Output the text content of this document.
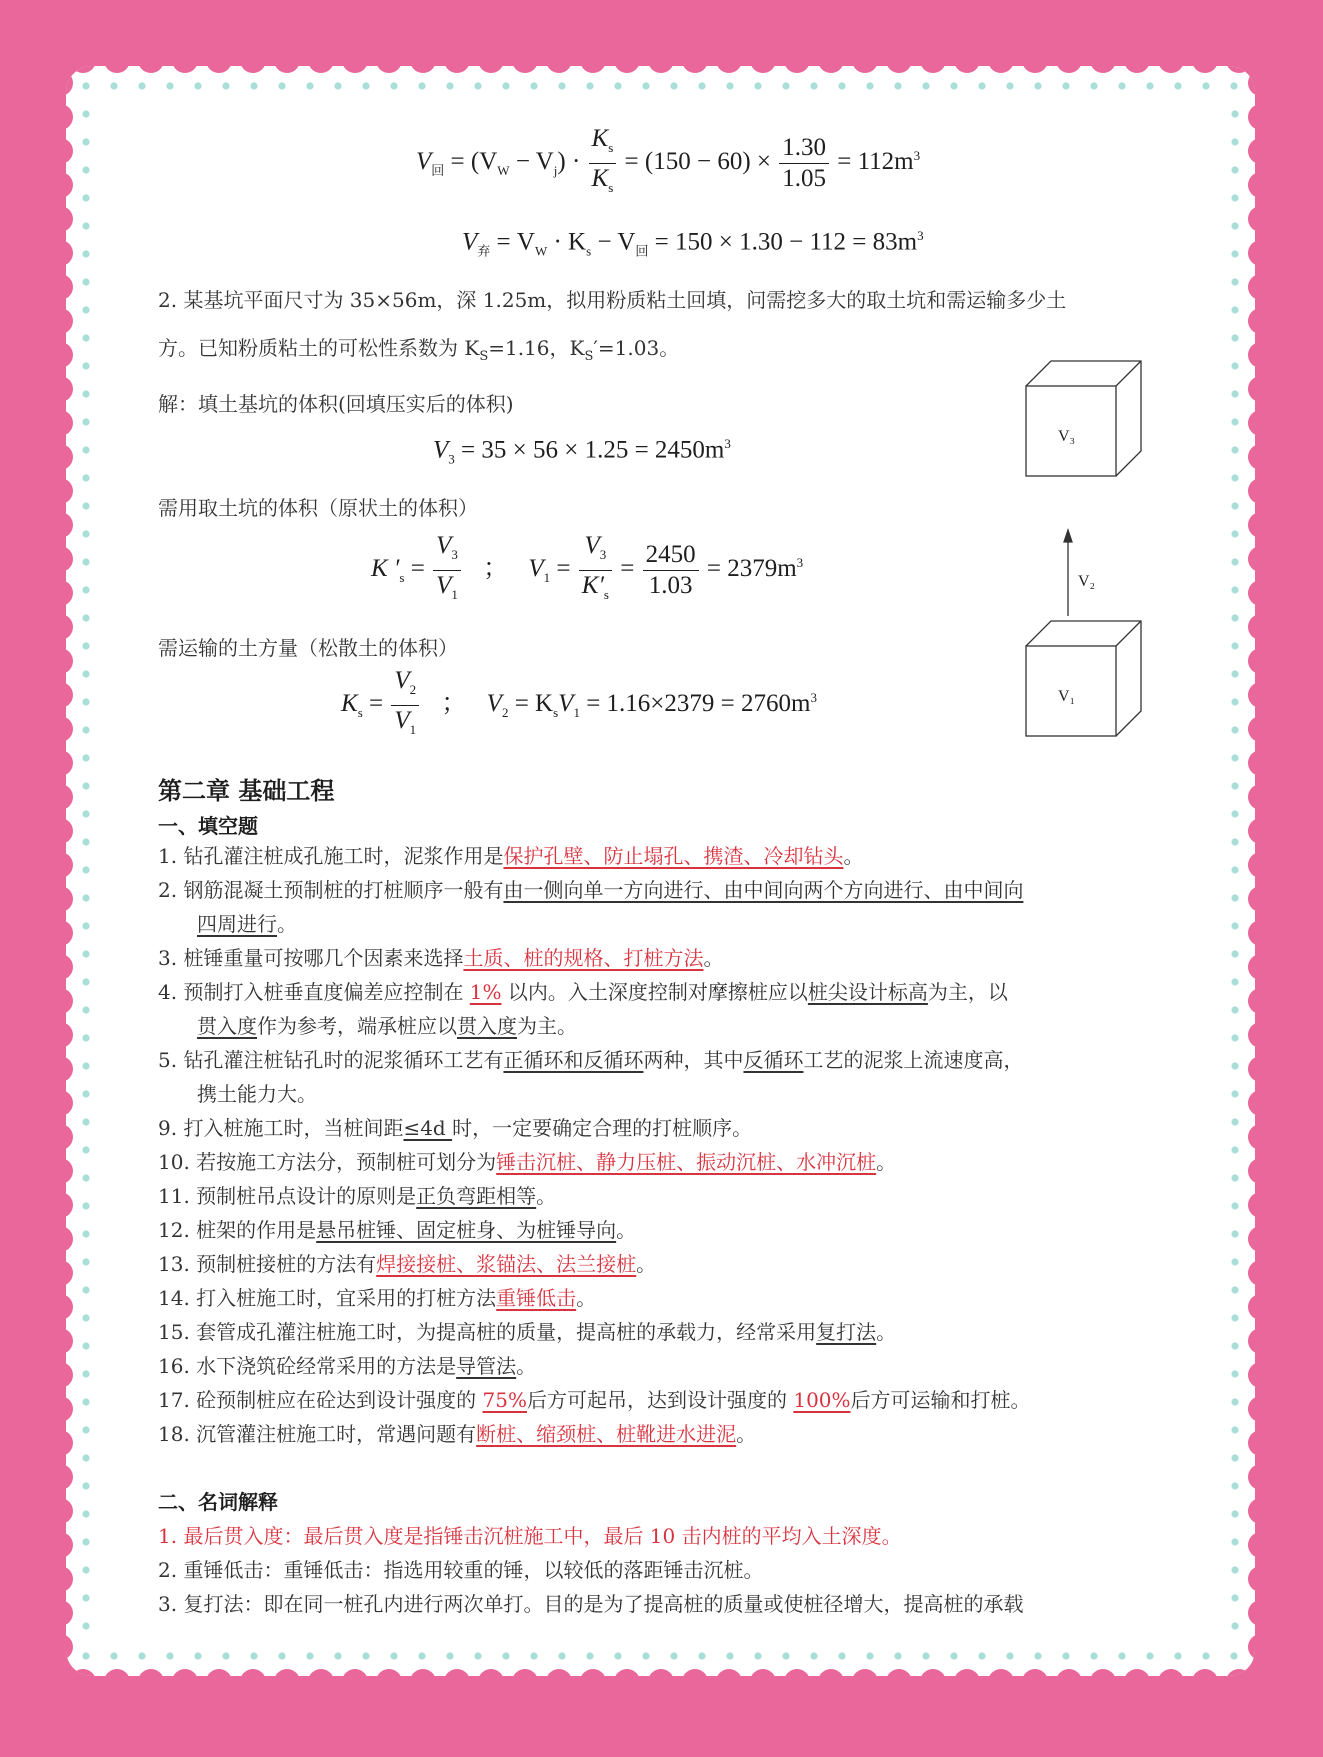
$V_回 = (V_W - V_j) \cdot \frac{K_s}{K_s} = (150 - 60) \times \frac{1.30}{1.05} = 112m^3$
$V_弃 = V_W \cdot K_s - V_回 = 150 \times 1.30 - 112 = 83m^3$
2. 某基坑平面尺寸为 35×56m，深 1.25m，拟用粉质粘土回填，问需挖多大的取土坑和需运输多少土
方。已知粉质粘土的可松性系数为 $K_S=1.16$，$K_S'=1.03$。
解：填土基坑的体积(回填压实后的体积)
$V_3 = 35 \times 56 \times 1.25 = 2450m^3$
需用取土坑的体积（原状土的体积）
K $'_s = \frac{V_3}{V_1}$ ； $V_1 = \frac{V_3}{K'_s} = \frac{2450}{1.03} = 2379m^3$
需运输的土方量（松散土的体积）
$K_s = \frac{V_2}{V_1}$ ； $V_2 = K_sV_1 = 1.16\times 2379 = 2760m^3$
V₃
V₂
V₁
第二章 基础工程
一、填空题
1. 钻孔灌注桩成孔施工时，泥浆作用是保护孔壁、防止塌孔、携渣、冷却钻头。
2. 钢筋混凝土预制桩的打桩顺序一般有由一侧向单一方向进行、由中间向两个方向进行、由中间向
四周进行。
3. 桩锤重量可按哪几个因素来选择土质、桩的规格、打桩方法。
4. 预制打入桩垂直度偏差应控制在 1% 以内。入土深度控制对摩擦桩应以桩尖设计标高为主，以
贯入度作为参考，端承桩应以贯入度为主。
5. 钻孔灌注桩钻孔时的泥浆循环工艺有正循环和反循环两种，其中反循环工艺的泥浆上流速度高，
携土能力大。
9. 打入桩施工时，当桩间距≤4d 时，一定要确定合理的打桩顺序。
10. 若按施工方法分，预制桩可划分为锤击沉桩、静力压桩、振动沉桩、水冲沉桩。
11. 预制桩吊点设计的原则是正负弯距相等。
12. 桩架的作用是悬吊桩锤、固定桩身、为桩锤导向。
13. 预制桩接桩的方法有焊接接桩、浆锚法、法兰接桩。
14. 打入桩施工时，宜采用的打桩方法重锤低击。
15. 套管成孔灌注桩施工时，为提高桩的质量，提高桩的承载力，经常采用复打法。
16. 水下浇筑砼经常采用的方法是导管法。
17. 砼预制桩应在砼达到设计强度的 75%后方可起吊，达到设计强度的 100%后方可运输和打桩。
18. 沉管灌注桩施工时，常遇问题有断桩、缩颈桩、桩靴进水进泥。
二、名词解释
1. 最后贯入度：最后贯入度是指锤击沉桩施工中，最后 10 击内桩的平均入土深度。
2. 重锤低击：重锤低击：指选用较重的锤，以较低的落距锤击沉桩。
3. 复打法：即在同一桩孔内进行两次单打。目的是为了提高桩的质量或使桩径增大，提高桩的承载
